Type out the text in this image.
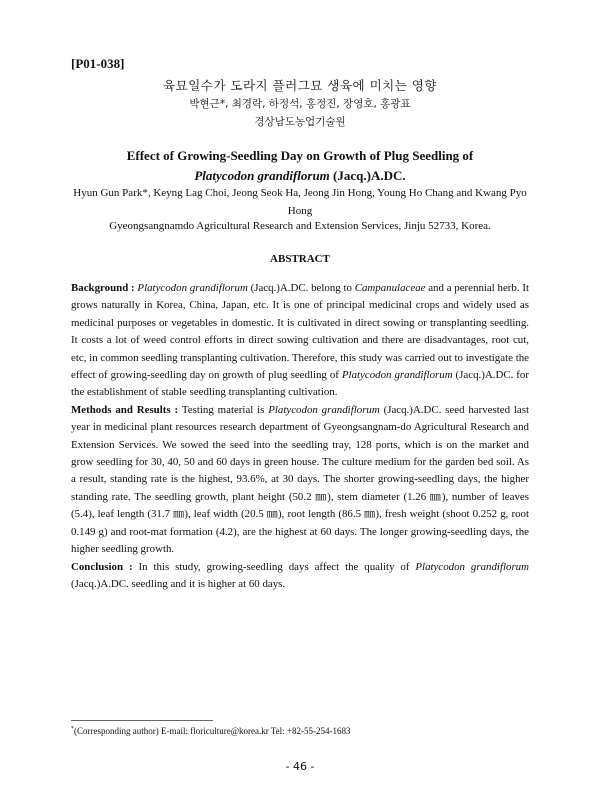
[P01-038]
육묘일수가 도라지 플러그묘 생육에 미치는 영향
박현근*, 최경락, 하정석, 홍정진, 장영호, 홍광표
경상남도농업기술원
Effect of Growing-Seedling Day on Growth of Plug Seedling of
Platycodon grandiflorum (Jacq.)A.DC.
Hyun Gun Park*, Keyng Lag Choi, Jeong Seok Ha, Jeong Jin Hong, Young Ho Chang and Kwang Pyo Hong
Gyeongsangnamdo Agricultural Research and Extension Services, Jinju 52733, Korea.
ABSTRACT

Background : Platycodon grandiflorum (Jacq.)A.DC. belong to Campanulaceae and a perennial herb. It grows naturally in Korea, China, Japan, etc. It is one of principal medicinal crops and widely used as medicinal purposes or vegetables in domestic. It is cultivated in direct sowing or transplanting seedling. It costs a lot of weed control efforts in direct sowing cultivation and there are disadvantages, root cut, etc, in common seedling transplanting cultivation. Therefore, this study was carried out to investigate the effect of growing-seedling day on growth of plug seedling of Platycodon grandiflorum (Jacq.)A.DC. for the establishment of stable seedling transplanting cultivation.

Methods and Results : Testing material is Platycodon grandiflorum (Jacq.)A.DC. seed harvested last year in medicinal plant resources research department of Gyeongsangnam-do Agricultural Research and Extension Services. We sowed the seed into the seedling tray, 128 ports, which is on the market and grow seedling for 30, 40, 50 and 60 days in green house. The culture medium for the garden bed soil. As a result, standing rate is the highest, 93.6%, at 30 days. The shorter growing-seedling days, the higher standing rate. The seedling growth, plant height (50.2 ㎜), stem diameter (1.26 ㎜), number of leaves (5.4), leaf length (31.7 ㎜), leaf width (20.5 ㎜), root length (86.5 ㎜), fresh weight (shoot 0.252 g, root 0.149 g) and root-mat formation (4.2), are the highest at 60 days. The longer growing-seedling days, the higher seedling growth.

Conclusion : In this study, growing-seedling days affect the quality of Platycodon grandiflorum (Jacq.)A.DC. seedling and it is higher at 60 days.

*(Corresponding author) E-mail: floriculture@korea.kr Tel: +82-55-254-1683
- 46 -
